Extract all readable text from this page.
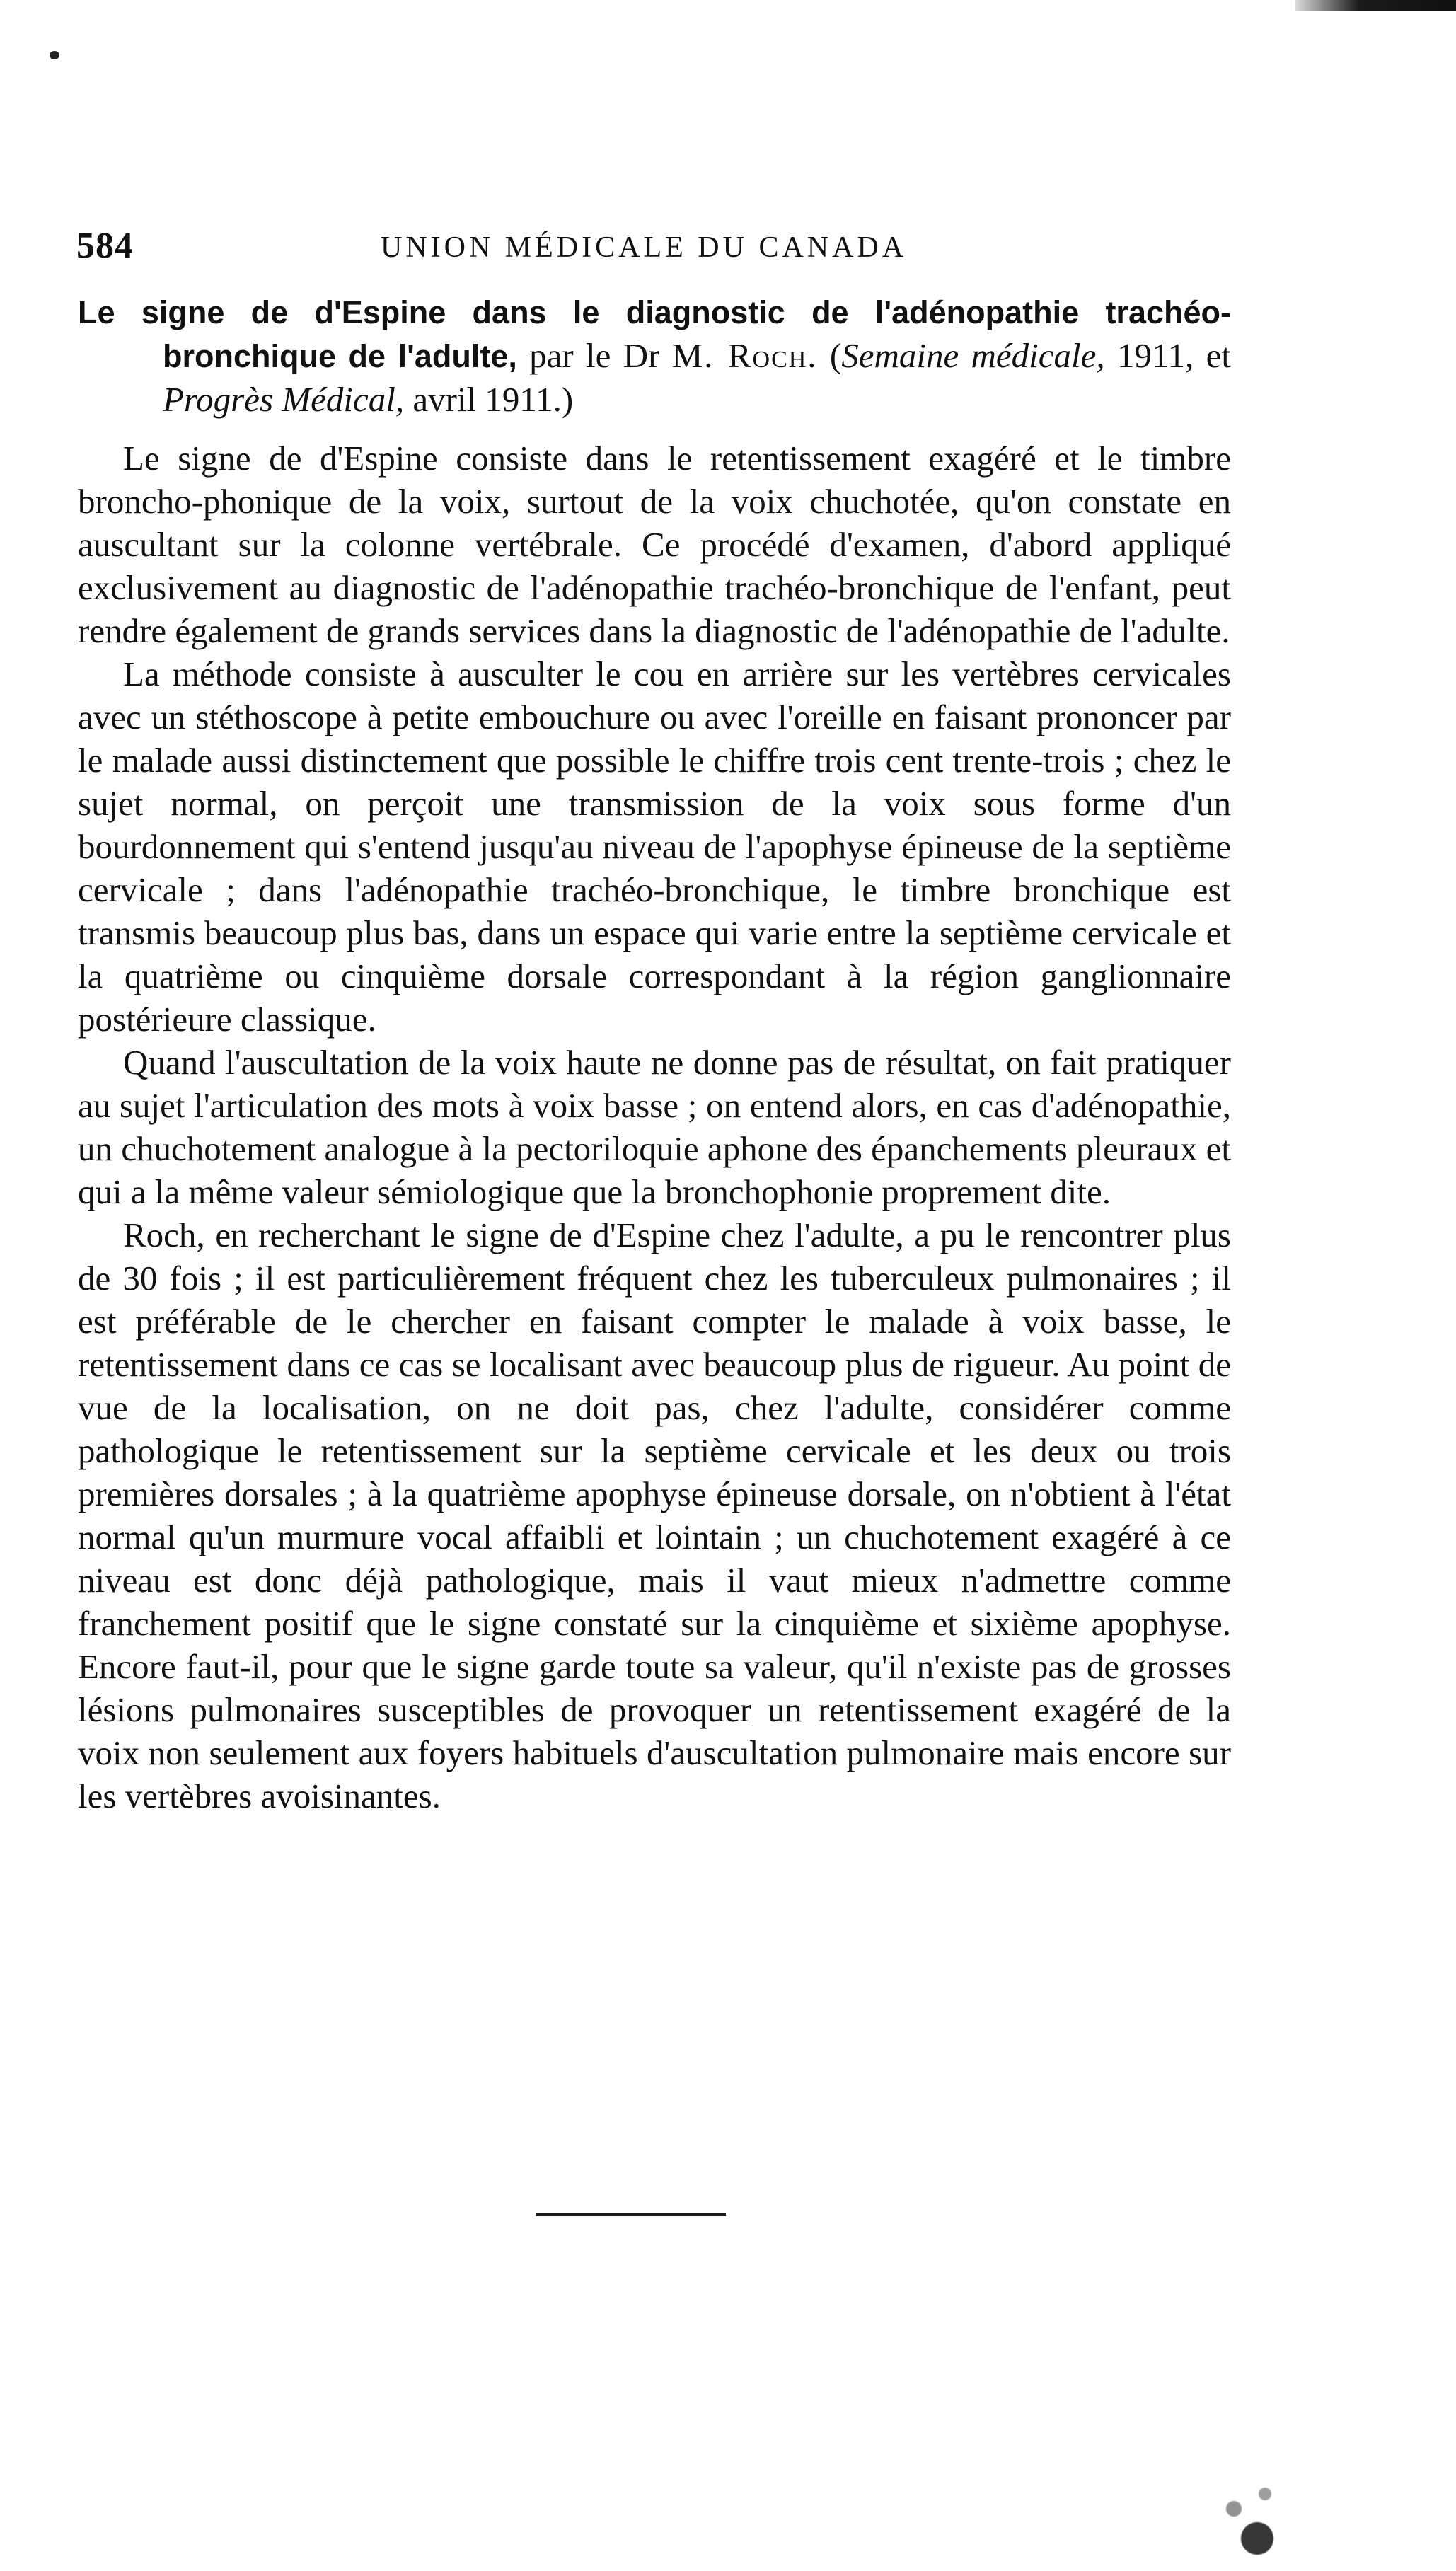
584	UNION MÉDICALE DU CANADA
Le signe de d'Espine dans le diagnostic de l'adénopathie trachéo-bronchique de l'adulte, par le Dr M. Roch. (Semaine médicale, 1911, et Progrès Médical, avril 1911.)

Le signe de d'Espine consiste dans le retentissement exagéré et le timbre broncho-phonique de la voix, surtout de la voix chuchotée, qu'on constate en auscultant sur la colonne vertébrale. Ce procédé d'examen, d'abord appliqué exclusivement au diagnostic de l'adénopathie trachéo-bronchique de l'enfant, peut rendre également de grands services dans la diagnostic de l'adénopathie de l'adulte.

La méthode consiste à ausculter le cou en arrière sur les vertèbres cervicales avec un stéthoscope à petite embouchure ou avec l'oreille en faisant prononcer par le malade aussi distinctement que possible le chiffre trois cent trente-trois ; chez le sujet normal, on perçoit une transmission de la voix sous forme d'un bourdonnement qui s'entend jusqu'au niveau de l'apophyse épineuse de la septième cervicale ; dans l'adénopathie trachéo-bronchique, le timbre bronchique est transmis beaucoup plus bas, dans un espace qui varie entre la septième cervicale et la quatrième ou cinquième dorsale correspondant à la région ganglionnaire postérieure classique.

Quand l'auscultation de la voix haute ne donne pas de résultat, on fait pratiquer au sujet l'articulation des mots à voix basse ; on entend alors, en cas d'adénopathie, un chuchotement analogue à la pectoriloquie aphone des épanchements pleuraux et qui a la même valeur sémiologique que la bronchophonie proprement dite.

Roch, en recherchant le signe de d'Espine chez l'adulte, a pu le rencontrer plus de 30 fois ; il est particulièrement fréquent chez les tuberculeux pulmonaires ; il est préférable de le chercher en faisant compter le malade à voix basse, le retentissement dans ce cas se localisant avec beaucoup plus de rigueur. Au point de vue de la localisation, on ne doit pas, chez l'adulte, considérer comme pathologique le retentissement sur la septième cervicale et les deux ou trois premières dorsales ; à la quatrième apophyse épineuse dorsale, on n'obtient à l'état normal qu'un murmure vocal affaibli et lointain ; un chuchotement exagéré à ce niveau est donc déjà pathologique, mais il vaut mieux n'admettre comme franchement positif que le signe constaté sur la cinquième et sixième apophyse. Encore faut-il, pour que le signe garde toute sa valeur, qu'il n'existe pas de grosses lésions pulmonaires susceptibles de provoquer un retentissement exagéré de la voix non seulement aux foyers habituels d'auscultation pulmonaire mais encore sur les vertèbres avoisinantes.
